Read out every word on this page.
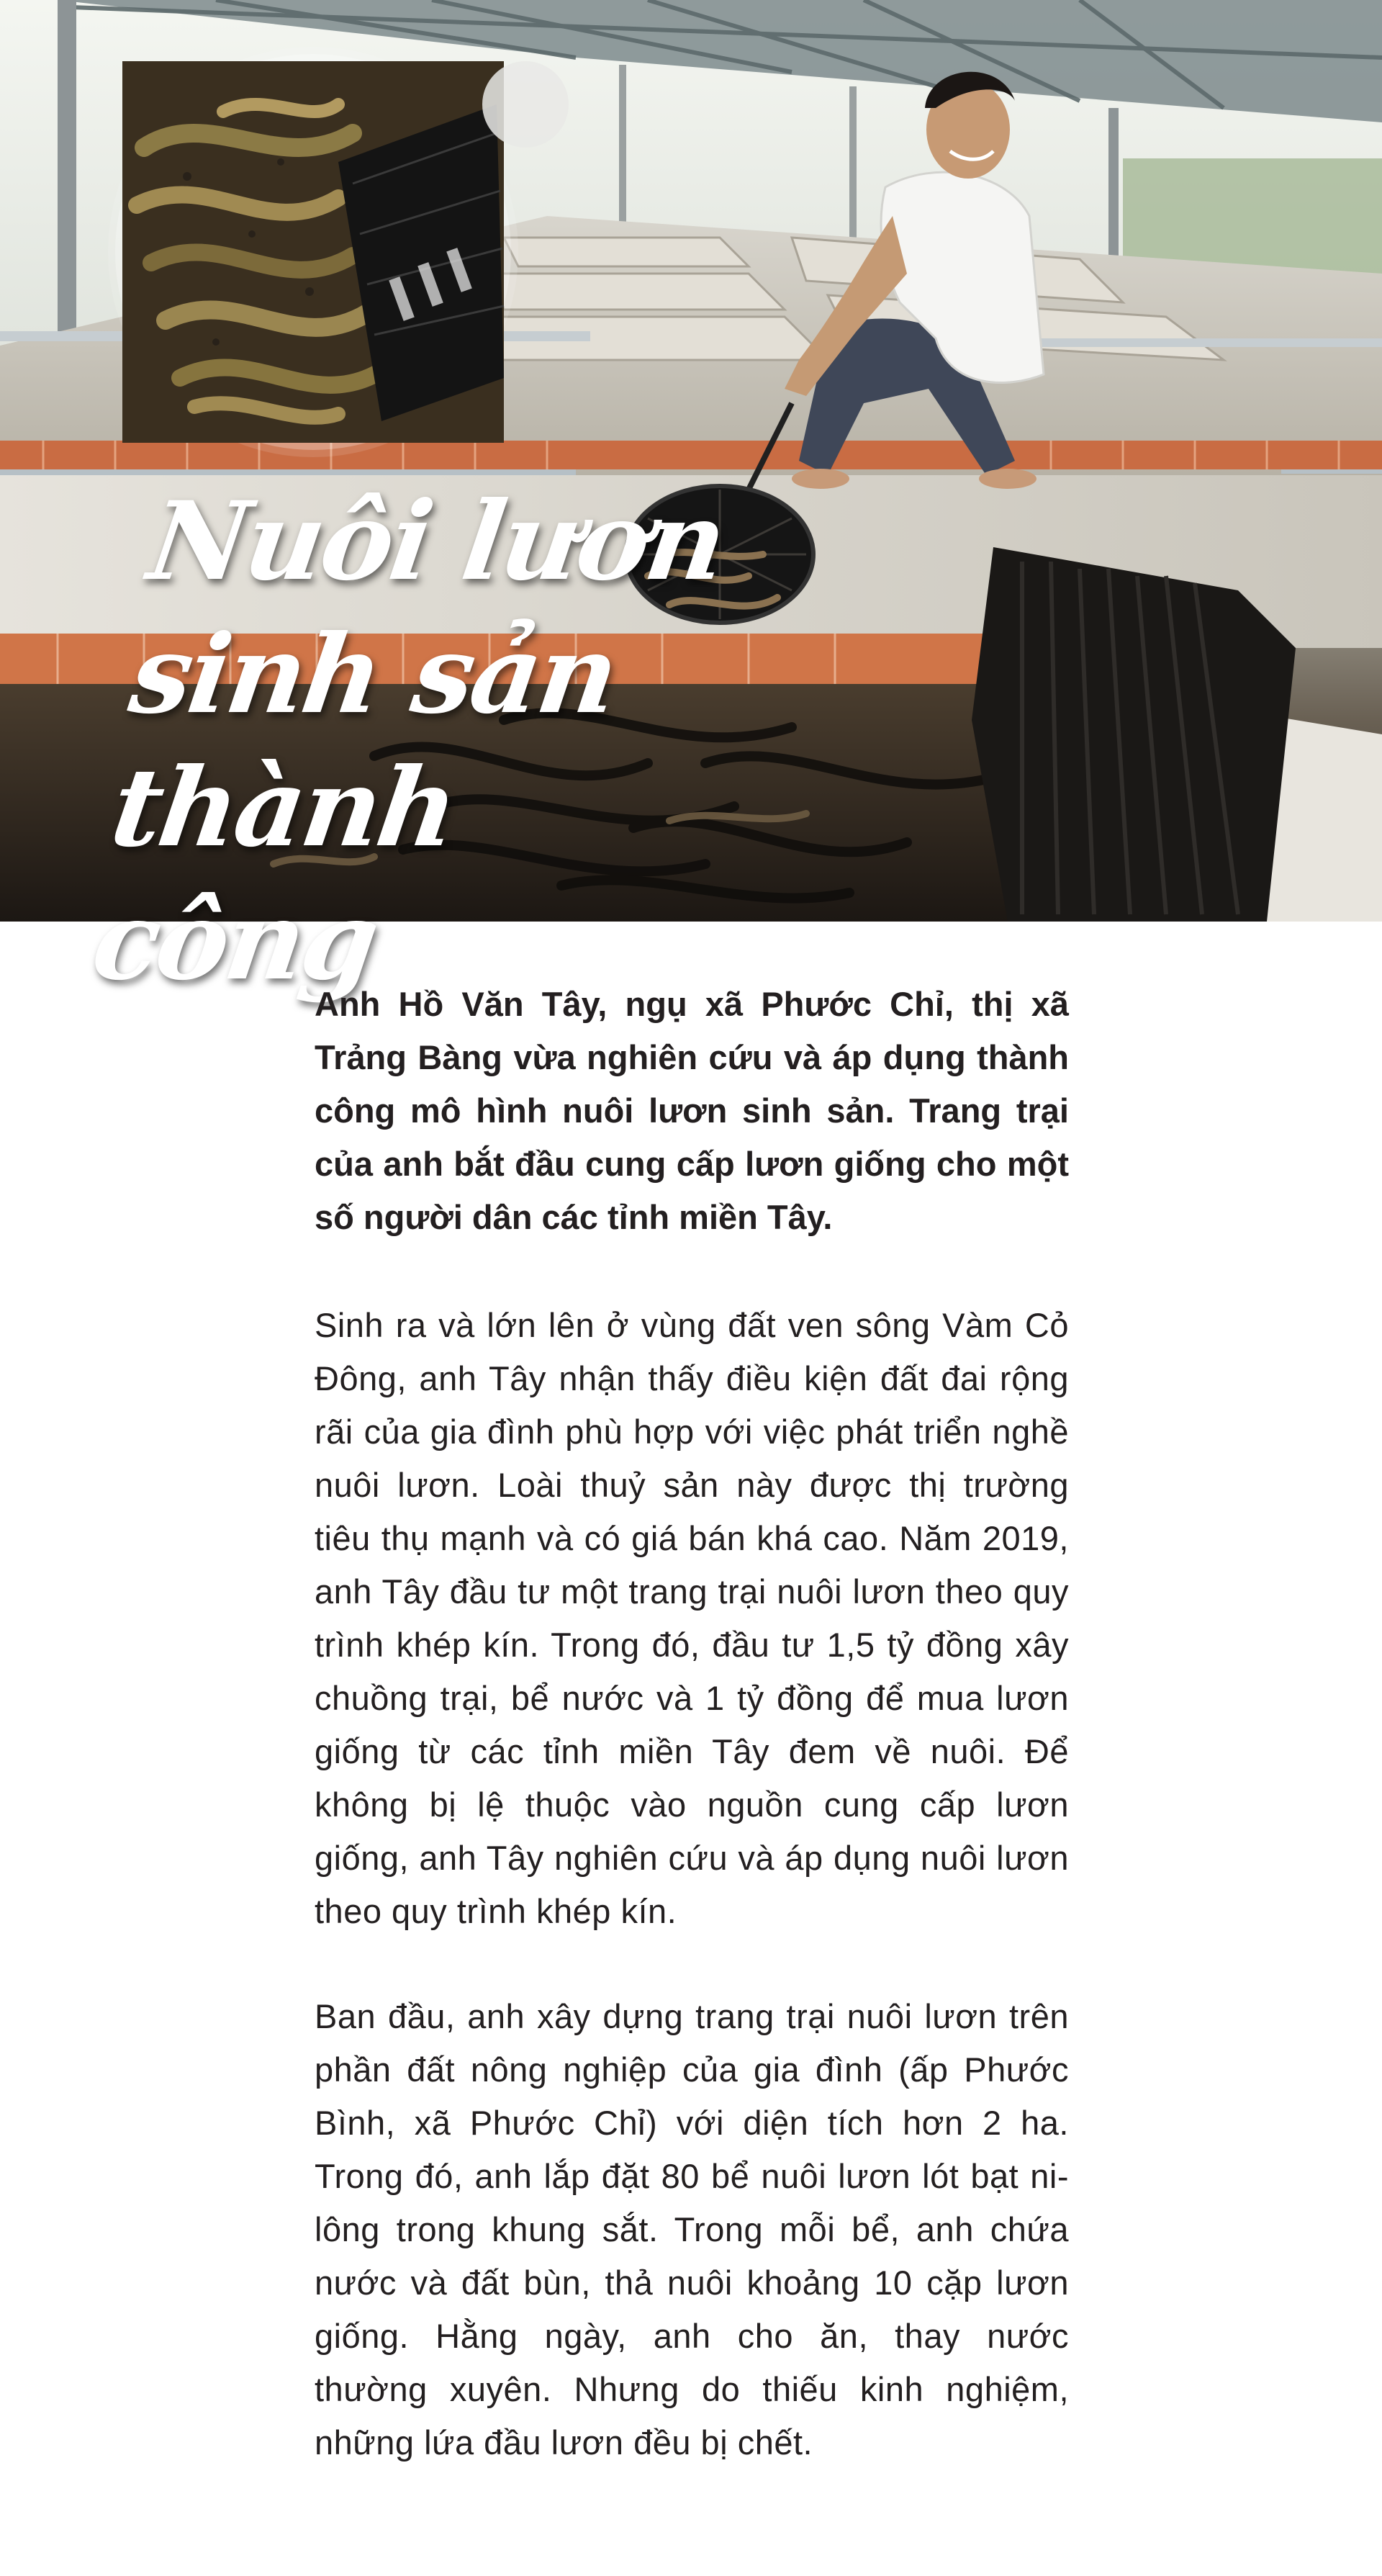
Nuôi lươn
sinh sản
thành công

Anh Hồ Văn Tây, ngụ xã Phước Chỉ, thị xã Trảng Bàng vừa nghiên cứu và áp dụng thành công mô hình nuôi lươn sinh sản. Trang trại của anh bắt đầu cung cấp lươn giống cho một số người dân các tỉnh miền Tây.

Sinh ra và lớn lên ở vùng đất ven sông Vàm Cỏ Đông, anh Tây nhận thấy điều kiện đất đai rộng rãi của gia đình phù hợp với việc phát triển nghề nuôi lươn. Loài thuỷ sản này được thị trường tiêu thụ mạnh và có giá bán khá cao. Năm 2019, anh Tây đầu tư một trang trại nuôi lươn theo quy trình khép kín. Trong đó, đầu tư 1,5 tỷ đồng xây chuồng trại, bể nước và 1 tỷ đồng để mua lươn giống từ các tỉnh miền Tây đem về nuôi. Để không bị lệ thuộc vào nguồn cung cấp lươn giống, anh Tây nghiên cứu và áp dụng nuôi lươn theo quy trình khép kín.

Ban đầu, anh xây dựng trang trại nuôi lươn trên phần đất nông nghiệp của gia đình (ấp Phước Bình, xã Phước Chỉ) với diện tích hơn 2 ha. Trong đó, anh lắp đặt 80 bể nuôi lươn lót bạt ni-lông trong khung sắt. Trong mỗi bể, anh chứa nước và đất bùn, thả nuôi khoảng 10 cặp lươn giống. Hằng ngày, anh cho ăn, thay nước thường xuyên. Nhưng do thiếu kinh nghiệm, những lứa đầu lươn đều bị chết.
